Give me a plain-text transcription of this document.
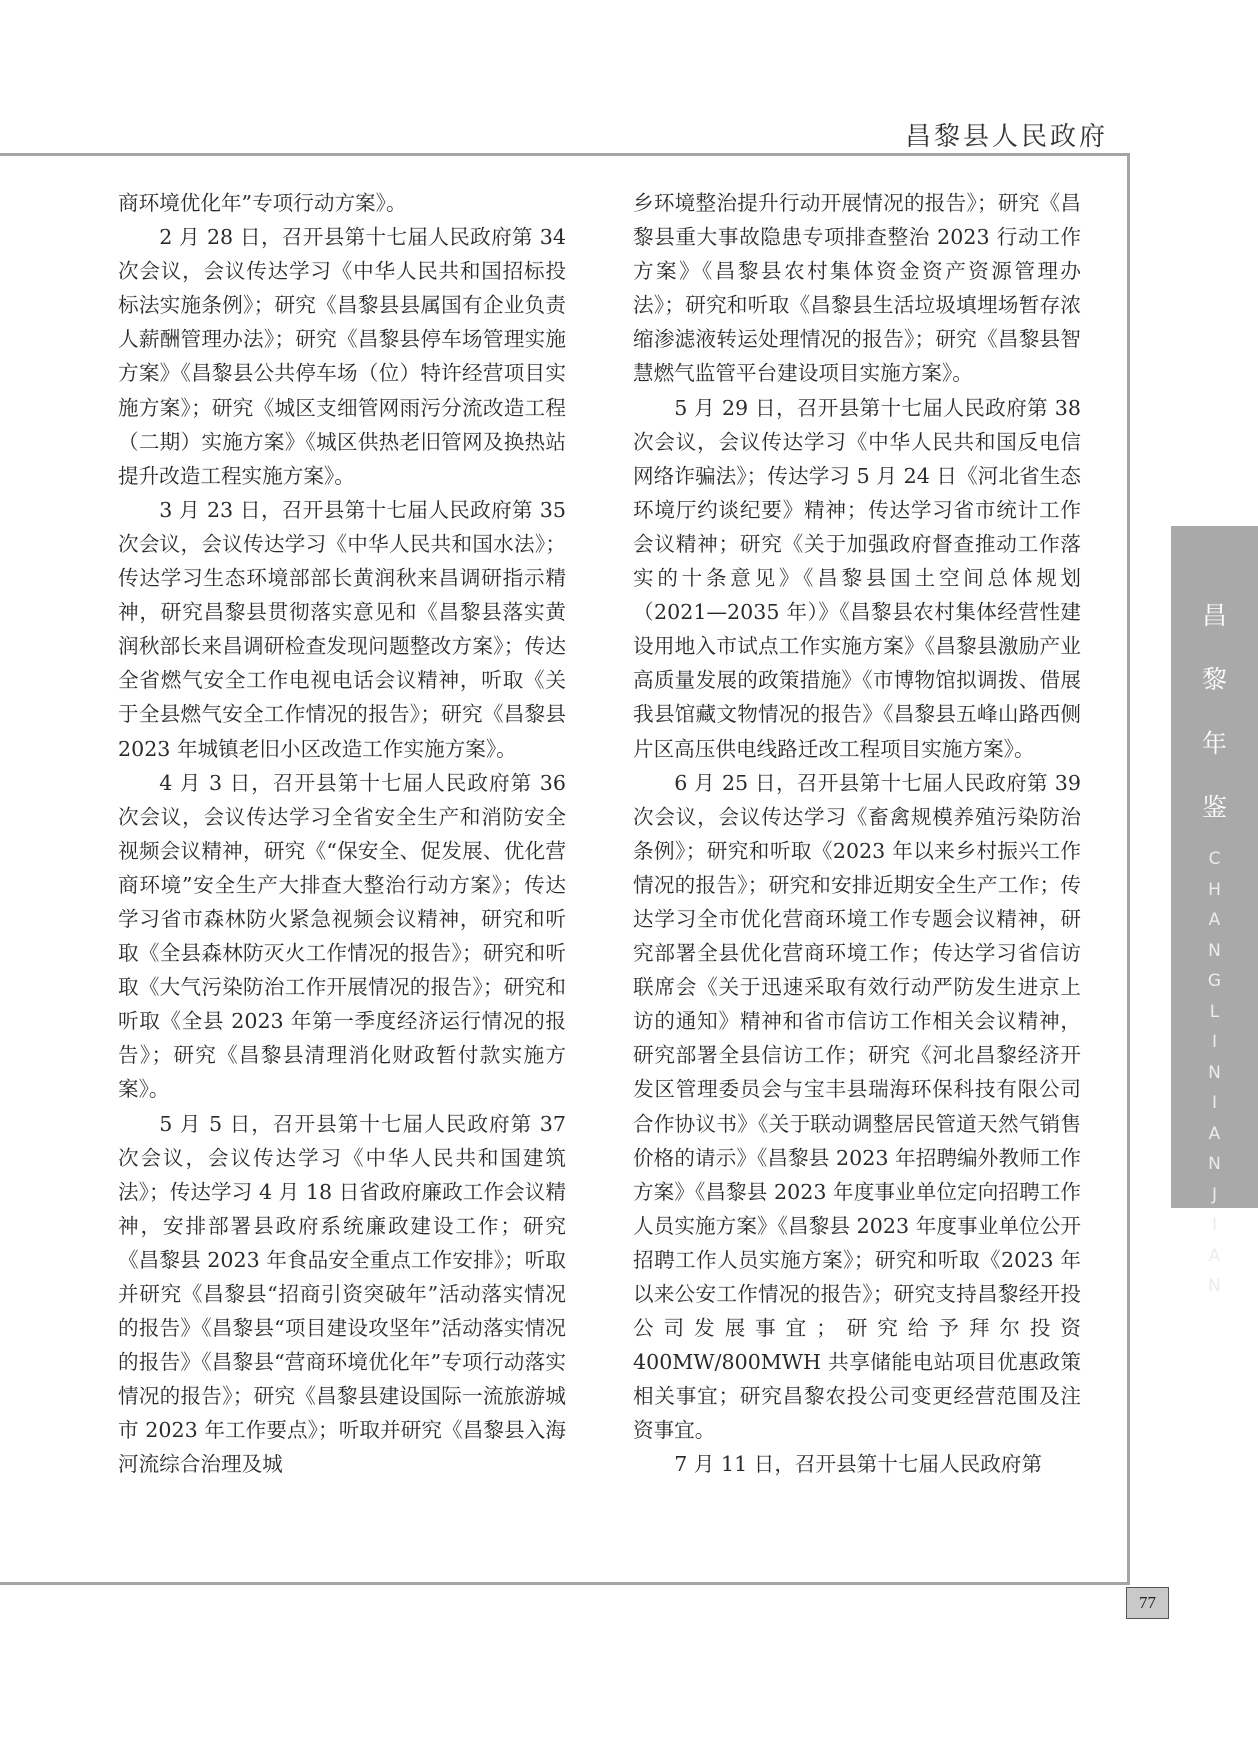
昌黎县人民政府

商环境优化年”专项行动方案》。

2 月 28 日，召开县第十七届人民政府第 34 次会议，会议传达学习《中华人民共和国招标投标法实施条例》；研究《昌黎县县属国有企业负责人薪酬管理办法》；研究《昌黎县停车场管理实施方案》《昌黎县公共停车场（位）特许经营项目实施方案》；研究《城区支细管网雨污分流改造工程（二期）实施方案》《城区供热老旧管网及换热站提升改造工程实施方案》。

3 月 23 日，召开县第十七届人民政府第 35 次会议，会议传达学习《中华人民共和国水法》；传达学习生态环境部部长黄润秋来昌调研指示精神，研究昌黎县贯彻落实意见和《昌黎县落实黄润秋部长来昌调研检查发现问题整改方案》；传达全省燃气安全工作电视电话会议精神，听取《关于全县燃气安全工作情况的报告》；研究《昌黎县 2023 年城镇老旧小区改造工作实施方案》。

4 月 3 日，召开县第十七届人民政府第 36 次会议，会议传达学习全省安全生产和消防安全视频会议精神，研究《“保安全、促发展、优化营商环境”安全生产大排查大整治行动方案》；传达学习省市森林防火紧急视频会议精神，研究和听取《全县森林防灭火工作情况的报告》；研究和听取《大气污染防治工作开展情况的报告》；研究和听取《全县 2023 年第一季度经济运行情况的报告》；研究《昌黎县清理消化财政暂付款实施方案》。

5 月 5 日，召开县第十七届人民政府第 37 次会议，会议传达学习《中华人民共和国建筑法》；传达学习 4 月 18 日省政府廉政工作会议精神，安排部署县政府系统廉政建设工作；研究《昌黎县 2023 年食品安全重点工作安排》；听取并研究《昌黎县“招商引资突破年”活动落实情况的报告》《昌黎县“项目建设攻坚年”活动落实情况的报告》《昌黎县“营商环境优化年”专项行动落实情况的报告》；研究《昌黎县建设国际一流旅游城市 2023 年工作要点》；听取并研究《昌黎县入海河流综合治理及城

乡环境整治提升行动开展情况的报告》；研究《昌黎县重大事故隐患专项排查整治 2023 行动工作方案》《昌黎县农村集体资金资产资源管理办法》；研究和听取《昌黎县生活垃圾填埋场暂存浓缩渗滤液转运处理情况的报告》；研究《昌黎县智慧燃气监管平台建设项目实施方案》。

5 月 29 日，召开县第十七届人民政府第 38 次会议，会议传达学习《中华人民共和国反电信网络诈骗法》；传达学习 5 月 24 日《河北省生态环境厅约谈纪要》精神；传达学习省市统计工作会议精神；研究《关于加强政府督查推动工作落实的十条意见》《昌黎县国土空间总体规划（2021—2035 年）》《昌黎县农村集体经营性建设用地入市试点工作实施方案》《昌黎县激励产业高质量发展的政策措施》《市博物馆拟调拨、借展我县馆藏文物情况的报告》《昌黎县五峰山路西侧片区高压供电线路迁改工程项目实施方案》。

6 月 25 日，召开县第十七届人民政府第 39 次会议，会议传达学习《畜禽规模养殖污染防治条例》；研究和听取《2023 年以来乡村振兴工作情况的报告》；研究和安排近期安全生产工作；传达学习全市优化营商环境工作专题会议精神，研究部署全县优化营商环境工作；传达学习省信访联席会《关于迅速采取有效行动严防发生进京上访的通知》精神和省市信访工作相关会议精神，研究部署全县信访工作；研究《河北昌黎经济开发区管理委员会与宝丰县瑞海环保科技有限公司合作协议书》《关于联动调整居民管道天然气销售价格的请示》《昌黎县 2023 年招聘编外教师工作方案》《昌黎县 2023 年度事业单位定向招聘工作人员实施方案》《昌黎县 2023 年度事业单位公开招聘工作人员实施方案》；研究和听取《2023 年以来公安工作情况的报告》；研究支持昌黎经开投公司发展事宜；研究给予拜尔投资 400MW/800MWH 共享储能电站项目优惠政策相关事宜；研究昌黎农投公司变更经营范围及注资事宜。

7 月 11 日，召开县第十七届人民政府第

昌
黎
年
鉴
C
H
A
N
G
L
I
N
I
A
N
J
I
A
N
77
